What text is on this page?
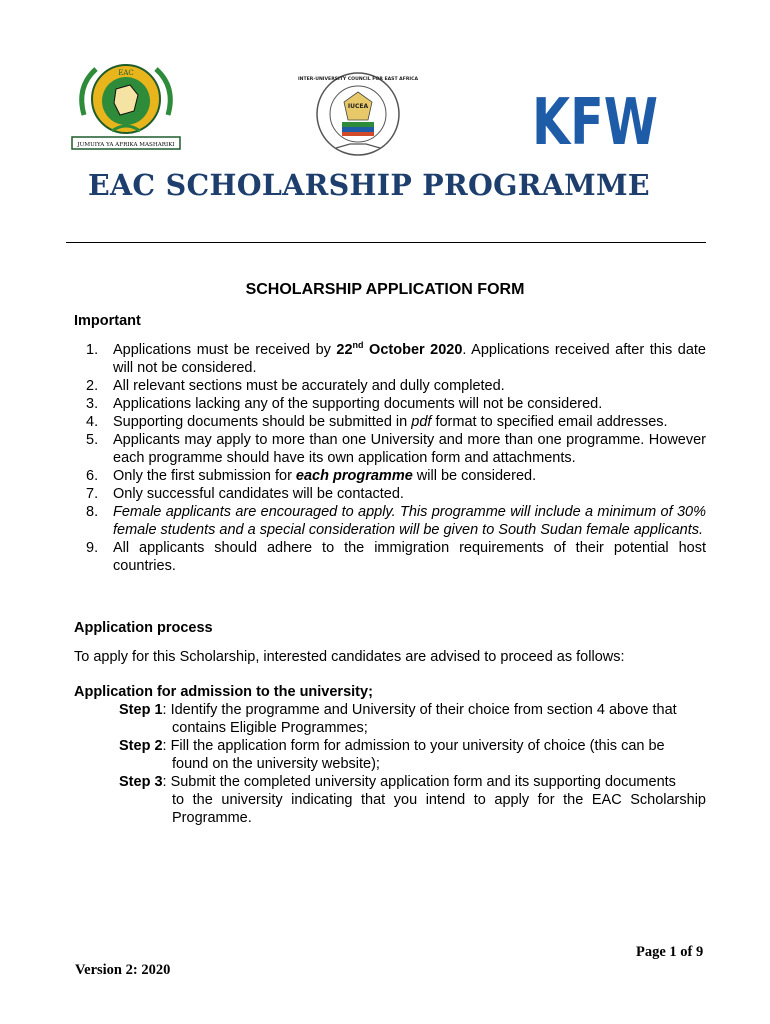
EAC
JUMUIYA YA AFRIKA MASHARIKI
INTER-UNIVERSITY COUNCIL FOR EAST AFRICA
IUCEA	KFW
EAC SCHOLARSHIP PROGRAMME
SCHOLARSHIP APPLICATION FORM
Important
1. Applications must be received by 22nd October 2020. Applications received after this date will not be considered.
2. All relevant sections must be accurately and dully completed.
3. Applications lacking any of the supporting documents will not be considered.
4. Supporting documents should be submitted in pdf format to specified email addresses.
5. Applicants may apply to more than one University and more than one programme. However each programme should have its own application form and attachments.
6. Only the first submission for each programme will be considered.
7. Only successful candidates will be contacted.
8. Female applicants are encouraged to apply. This programme will include a minimum of 30% female students and a special consideration will be given to South Sudan female applicants.
9. All applicants should adhere to the immigration requirements of their potential host countries.
Application process
To apply for this Scholarship, interested candidates are advised to proceed as follows:
Application for admission to the university;
Step 1: Identify the programme and University of their choice from section 4 above that
contains Eligible Programmes;
Step 2: Fill the application form for admission to your university of choice (this can be
found on the university website);
Step 3: Submit the completed university application form and its supporting documents
to the university indicating that you intend to apply for the EAC Scholarship Programme.
Page 1 of 9
Version 2: 2020
